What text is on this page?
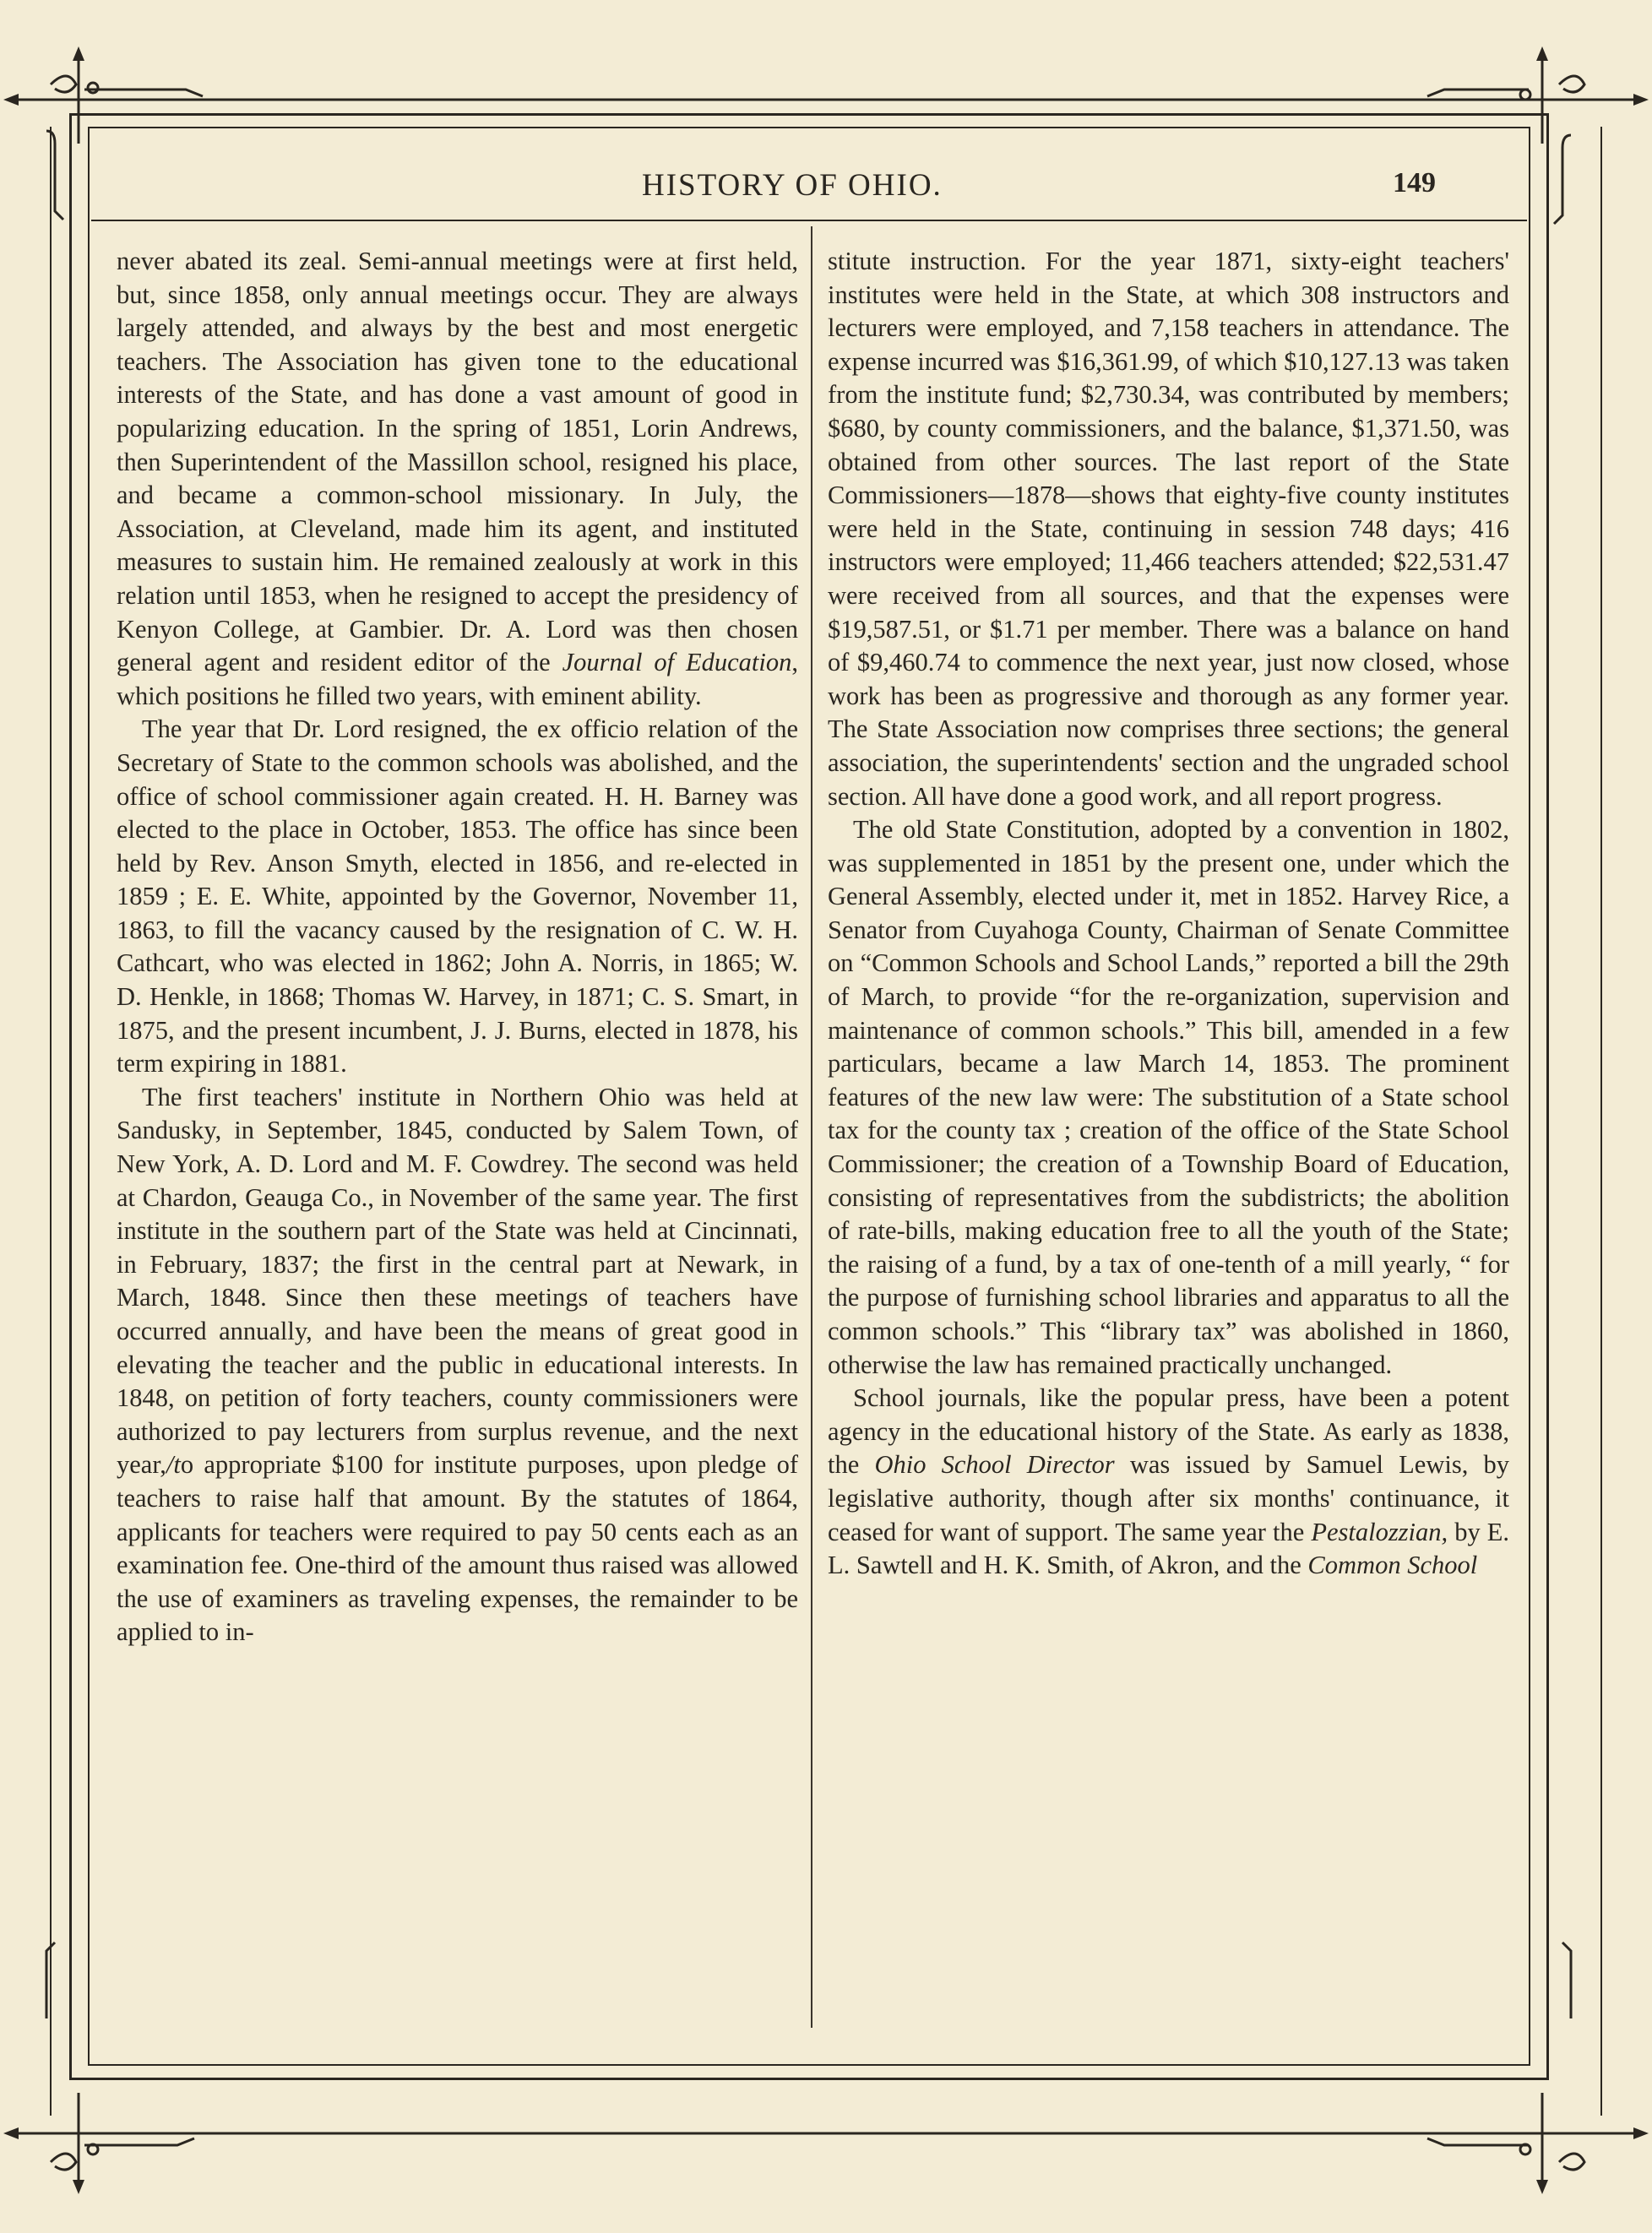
HISTORY OF OHIO.	149

never abated its zeal. Semi-annual meetings were at first held, but, since 1858, only annual meetings occur. They are always largely attended, and always by the best and most energetic teachers. The Association has given tone to the educational interests of the State, and has done a vast amount of good in popularizing education. In the spring of 1851, Lorin Andrews, then Superintendent of the Massillon school, resigned his place, and became a common-school missionary. In July, the Association, at Cleveland, made him its agent, and instituted measures to sustain him. He remained zealously at work in this relation until 1853, when he resigned to accept the presidency of Kenyon College, at Gambier. Dr. A. Lord was then chosen general agent and resident editor of the Journal of Education, which positions he filled two years, with eminent ability.

The year that Dr. Lord resigned, the ex officio relation of the Secretary of State to the common schools was abolished, and the office of school commissioner again created. H. H. Barney was elected to the place in October, 1853. The office has since been held by Rev. Anson Smyth, elected in 1856, and re-elected in 1859 ; E. E. White, appointed by the Governor, November 11, 1863, to fill the vacancy caused by the resignation of C. W. H. Cathcart, who was elected in 1862; John A. Norris, in 1865; W. D. Henkle, in 1868; Thomas W. Harvey, in 1871; C. S. Smart, in 1875, and the present incumbent, J. J. Burns, elected in 1878, his term expiring in 1881.

The first teachers' institute in Northern Ohio was held at Sandusky, in September, 1845, conducted by Salem Town, of New York, A. D. Lord and M. F. Cowdrey. The second was held at Chardon, Geauga Co., in November of the same year. The first institute in the southern part of the State was held at Cincinnati, in February, 1837; the first in the central part at Newark, in March, 1848. Since then these meetings of teachers have occurred annually, and have been the means of great good in elevating the teacher and the public in educational interests. In 1848, on petition of forty teachers, county commissioners were authorized to pay lecturers from surplus revenue, and the next year,/to appropriate $100 for institute purposes, upon pledge of teachers to raise half that amount. By the statutes of 1864, applicants for teachers were required to pay 50 cents each as an examination fee. One-third of the amount thus raised was allowed the use of examiners as traveling expenses, the remainder to be applied to in-

stitute instruction. For the year 1871, sixty-eight teachers' institutes were held in the State, at which 308 instructors and lecturers were employed, and 7,158 teachers in attendance. The expense incurred was $16,361.99, of which $10,127.13 was taken from the institute fund; $2,730.34, was contributed by members; $680, by county commissioners, and the balance, $1,371.50, was obtained from other sources. The last report of the State Commissioners—1878—shows that eighty-five county institutes were held in the State, continuing in session 748 days; 416 instructors were employed; 11,466 teachers attended; $22,531.47 were received from all sources, and that the expenses were $19,587.51, or $1.71 per member. There was a balance on hand of $9,460.74 to commence the next year, just now closed, whose work has been as progressive and thorough as any former year. The State Association now comprises three sections; the general association, the superintendents' section and the ungraded school section. All have done a good work, and all report progress.

The old State Constitution, adopted by a convention in 1802, was supplemented in 1851 by the present one, under which the General Assembly, elected under it, met in 1852. Harvey Rice, a Senator from Cuyahoga County, Chairman of Senate Committee on “Common Schools and School Lands,” reported a bill the 29th of March, to provide “for the re-organization, supervision and maintenance of common schools.” This bill, amended in a few particulars, became a law March 14, 1853. The prominent features of the new law were: The substitution of a State school tax for the county tax ; creation of the office of the State School Commissioner; the creation of a Township Board of Education, consisting of representatives from the subdistricts; the abolition of rate-bills, making education free to all the youth of the State; the raising of a fund, by a tax of one-tenth of a mill yearly, “ for the purpose of furnishing school libraries and apparatus to all the common schools.” This “library tax” was abolished in 1860, otherwise the law has remained practically unchanged.

School journals, like the popular press, have been a potent agency in the educational history of the State. As early as 1838, the Ohio School Director was issued by Samuel Lewis, by legislative authority, though after six months' continuance, it ceased for want of support. The same year the Pestalozzian, by E. L. Sawtell and H. K. Smith, of Akron, and the Common School
